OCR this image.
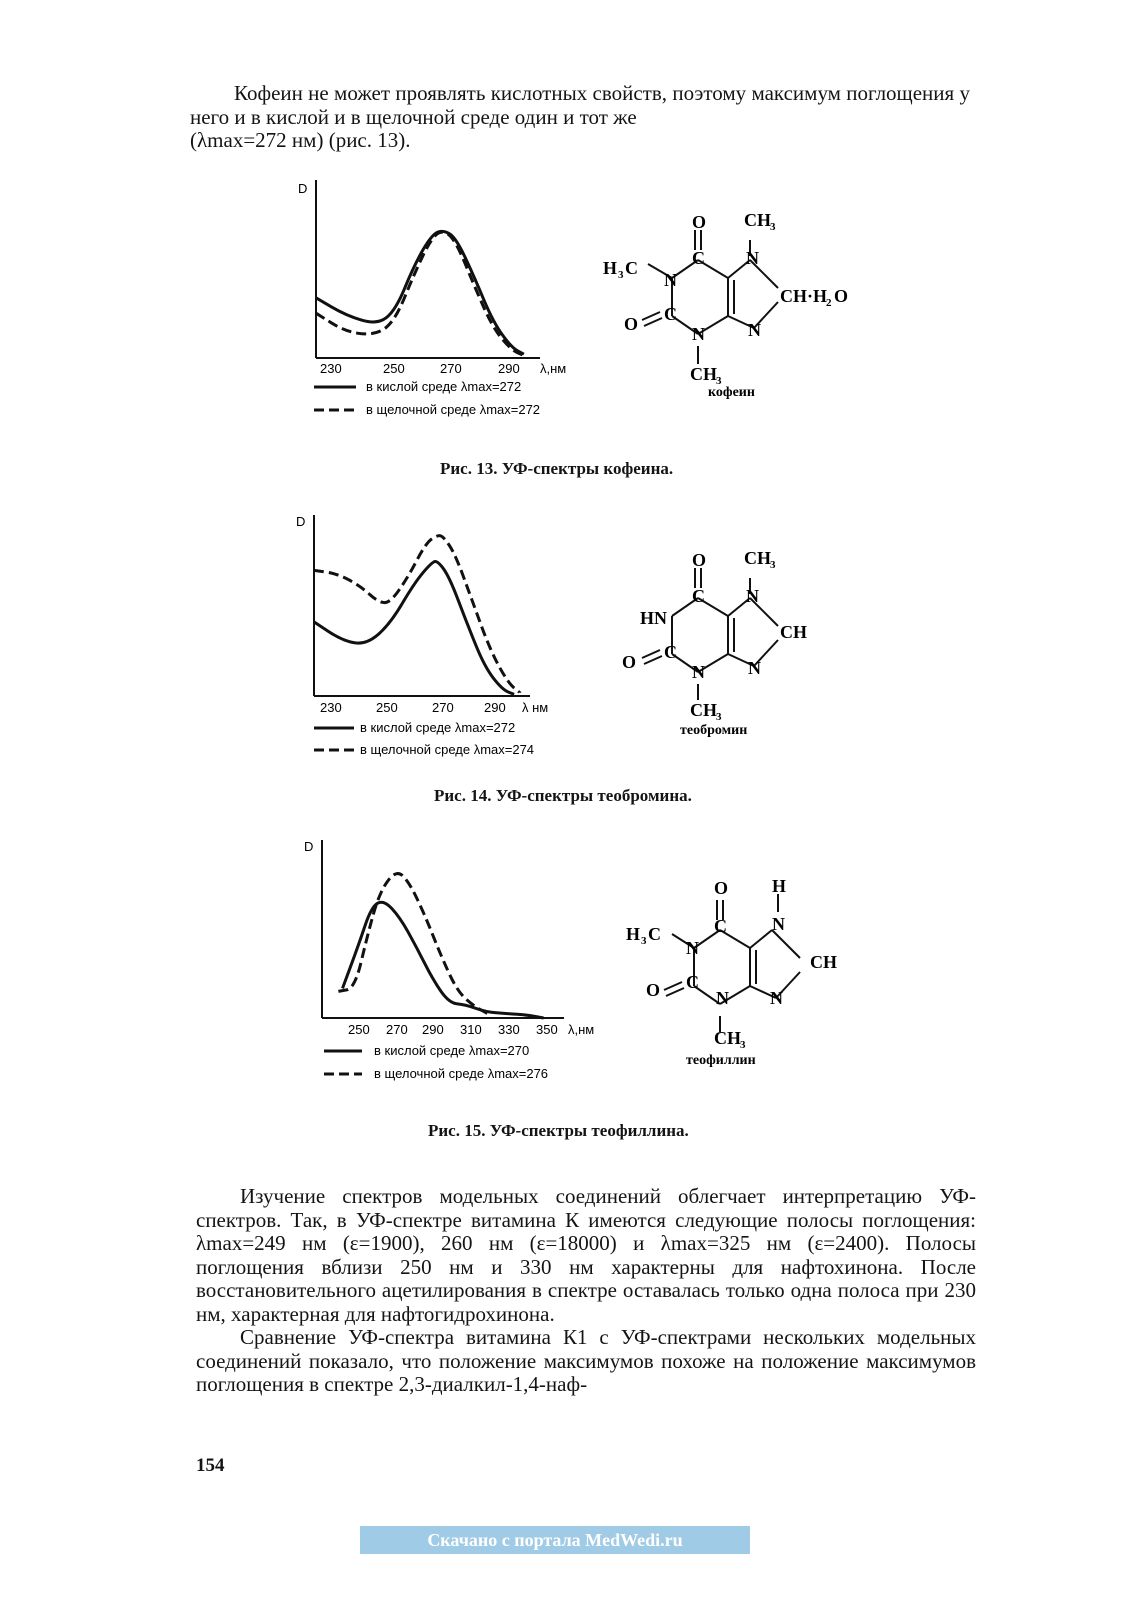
Кофеин не может проявлять кислотных свойств, поэтому максимум поглощения у него и в кислой и в щелочной среде один и тот же

(λmax=272 нм) (рис. 13).

D
230	250	270	290 λ,нм
в кислой среде λmax=272
в щелочной среде λmax=272
O CH 3
C N
H 3 C
N
CH·H
2 O
O C
N N
CH 3
кофеин
Рис. 13. УФ-спектры кофеина.
D
230	250	270 290 λ нм
в кислой среде λmax=272
в щелочной среде λmax=274
O CH 3
C N
HN
CH
O C
N N
CH 3
теобромин
Рис. 14. УФ-спектры теобромина.
D
250 270 290 310 330 350 λ,нм
в кислой среде λmax=270
в щелочной среде λmax=276
O H
C	N
H 3 C
N
CH
O C
N N
CH 3
теофиллин
Рис. 15. УФ-спектры теофиллина.

Изучение спектров модельных соединений облегчает интерпретацию УФ-спектров. Так, в УФ-спектре витамина К имеются следующие полосы поглощения: λmax=249 нм (ε=1900), 260 нм (ε=18000) и λmax=325 нм (ε=2400). Полосы поглощения вблизи 250 нм и 330 нм характерны для нафтохинона. После восстановительного ацетилирования в спектре оставалась только одна полоса при 230 нм, характерная для нафтогидрохинона.

Сравнение УФ-спектра витамина К1 с УФ-спектрами нескольких модельных соединений показало, что положение максимумов похоже на положение максимумов поглощения в спектре 2,3-диалкил-1,4-наф-

154
Скачано с портала MedWedi.ru
